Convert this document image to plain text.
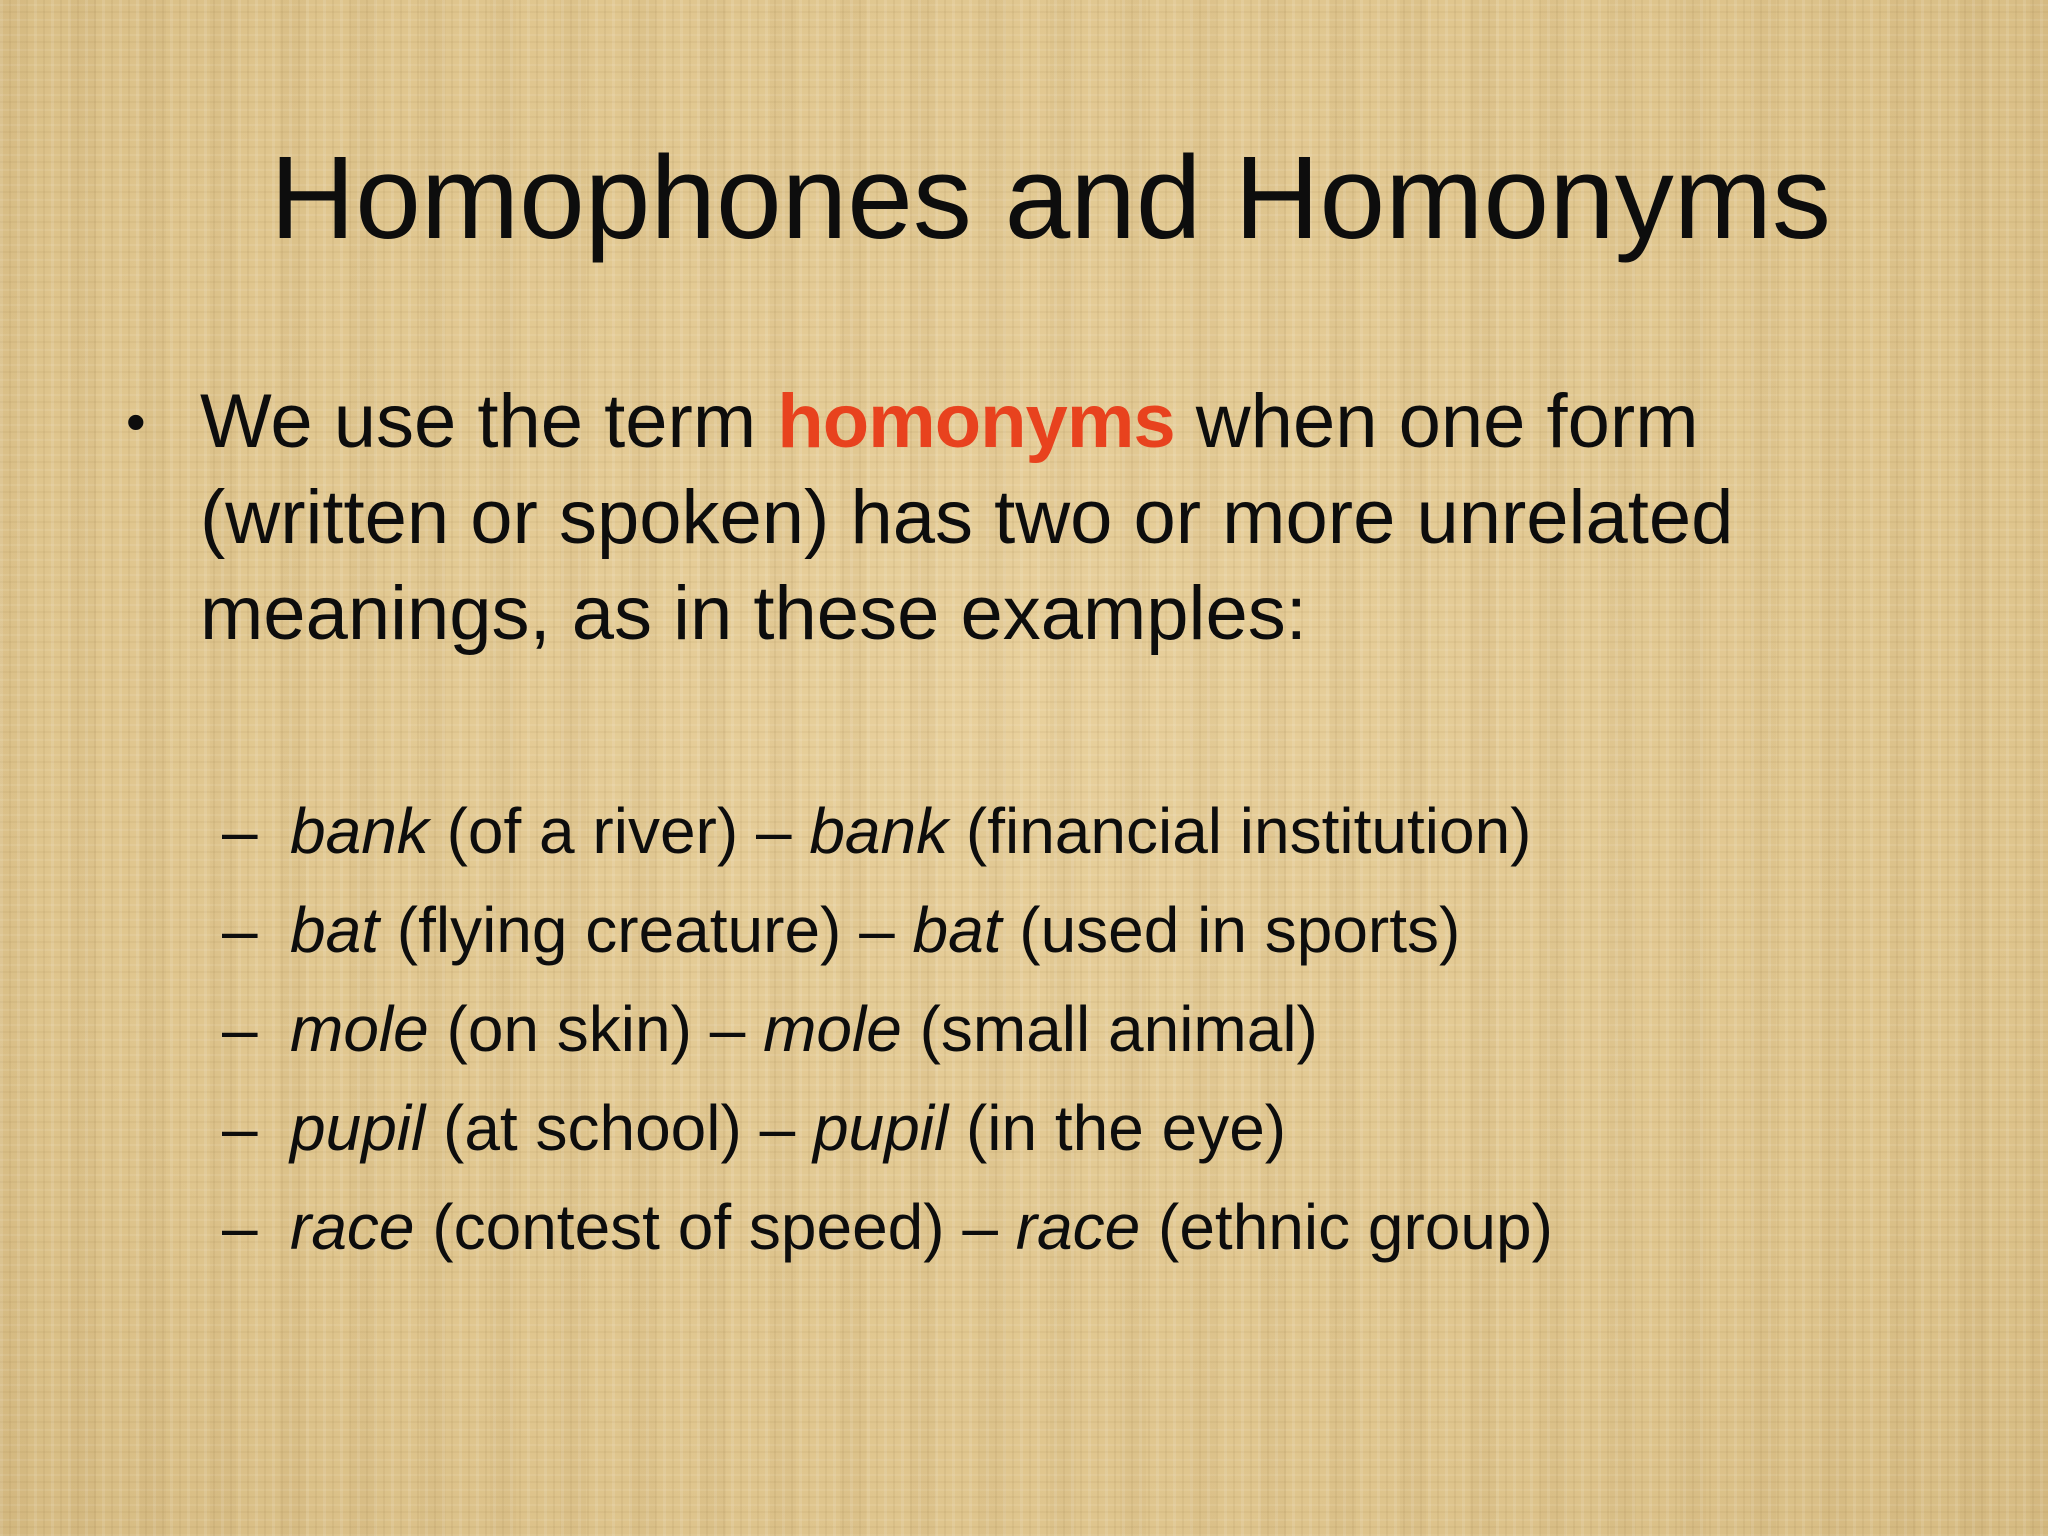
Homophones and Homonyms
• We use the term homonyms when one form
(written or spoken) has two or more unrelated
meanings, as in these examples:
– bank (of a river) – bank (financial institution)
– bat (flying creature) – bat (used in sports)
– mole (on skin) – mole (small animal)
– pupil (at school) – pupil (in the eye)
– race (contest of speed) – race (ethnic group)
